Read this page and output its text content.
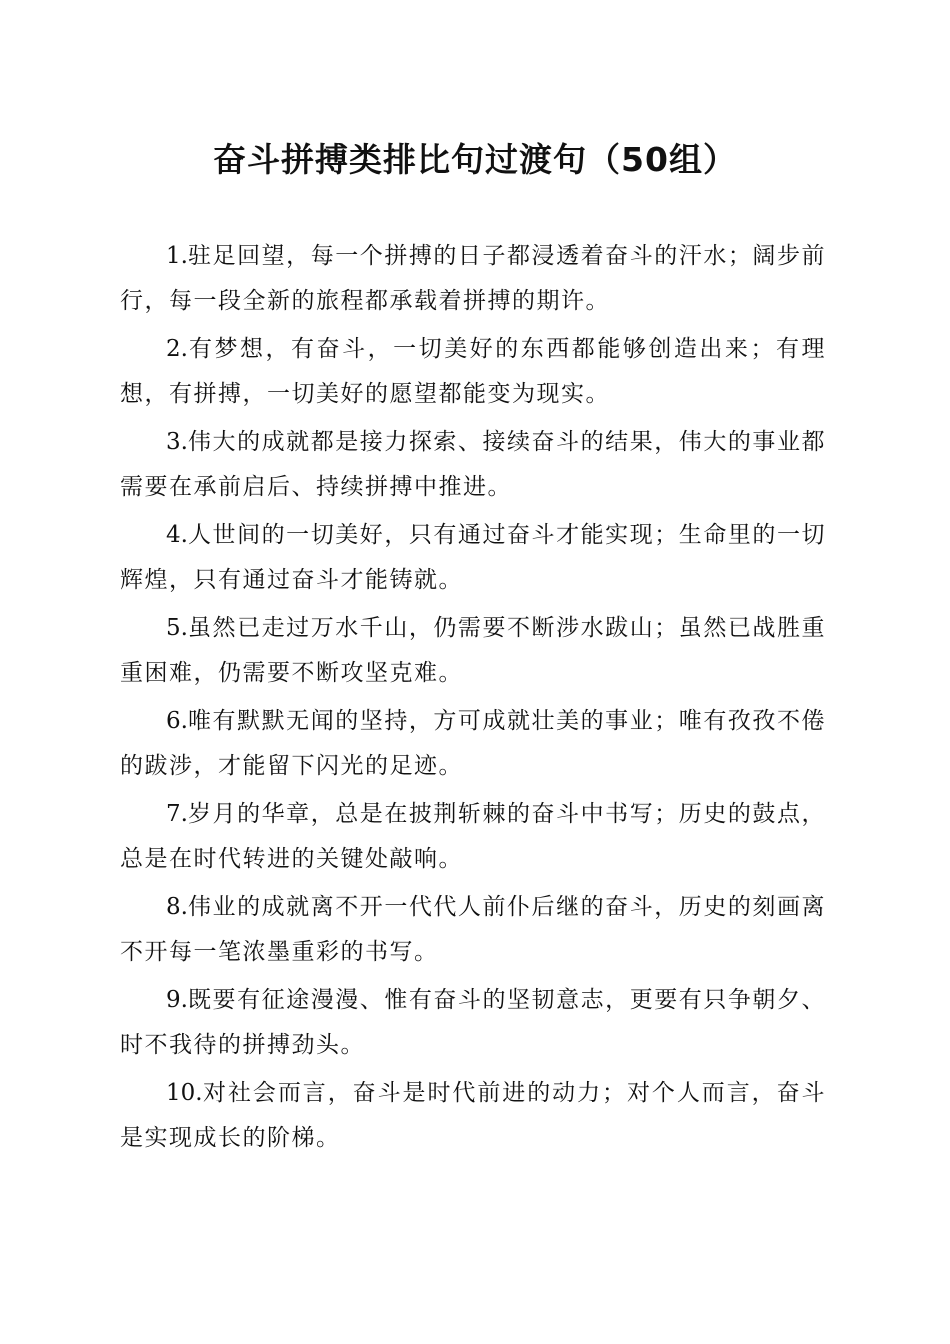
奋斗拼搏类排比句过渡句（50组）

1.驻足回望，每一个拼搏的日子都浸透着奋斗的汗水；阔步前行，每一段全新的旅程都承载着拼搏的期许。

2.有梦想，有奋斗，一切美好的东西都能够创造出来；有理想，有拼搏，一切美好的愿望都能变为现实。

3.伟大的成就都是接力探索、接续奋斗的结果，伟大的事业都需要在承前启后、持续拼搏中推进。

4.人世间的一切美好，只有通过奋斗才能实现；生命里的一切辉煌，只有通过奋斗才能铸就。

5.虽然已走过万水千山，仍需要不断涉水跋山；虽然已战胜重重困难，仍需要不断攻坚克难。

6.唯有默默无闻的坚持，方可成就壮美的事业；唯有孜孜不倦的跋涉，才能留下闪光的足迹。

7.岁月的华章，总是在披荆斩棘的奋斗中书写；历史的鼓点，总是在时代转进的关键处敲响。

8.伟业的成就离不开一代代人前仆后继的奋斗，历史的刻画离不开每一笔浓墨重彩的书写。

9.既要有征途漫漫、惟有奋斗的坚韧意志，更要有只争朝夕、时不我待的拼搏劲头。

10.对社会而言，奋斗是时代前进的动力；对个人而言，奋斗是实现成长的阶梯。
